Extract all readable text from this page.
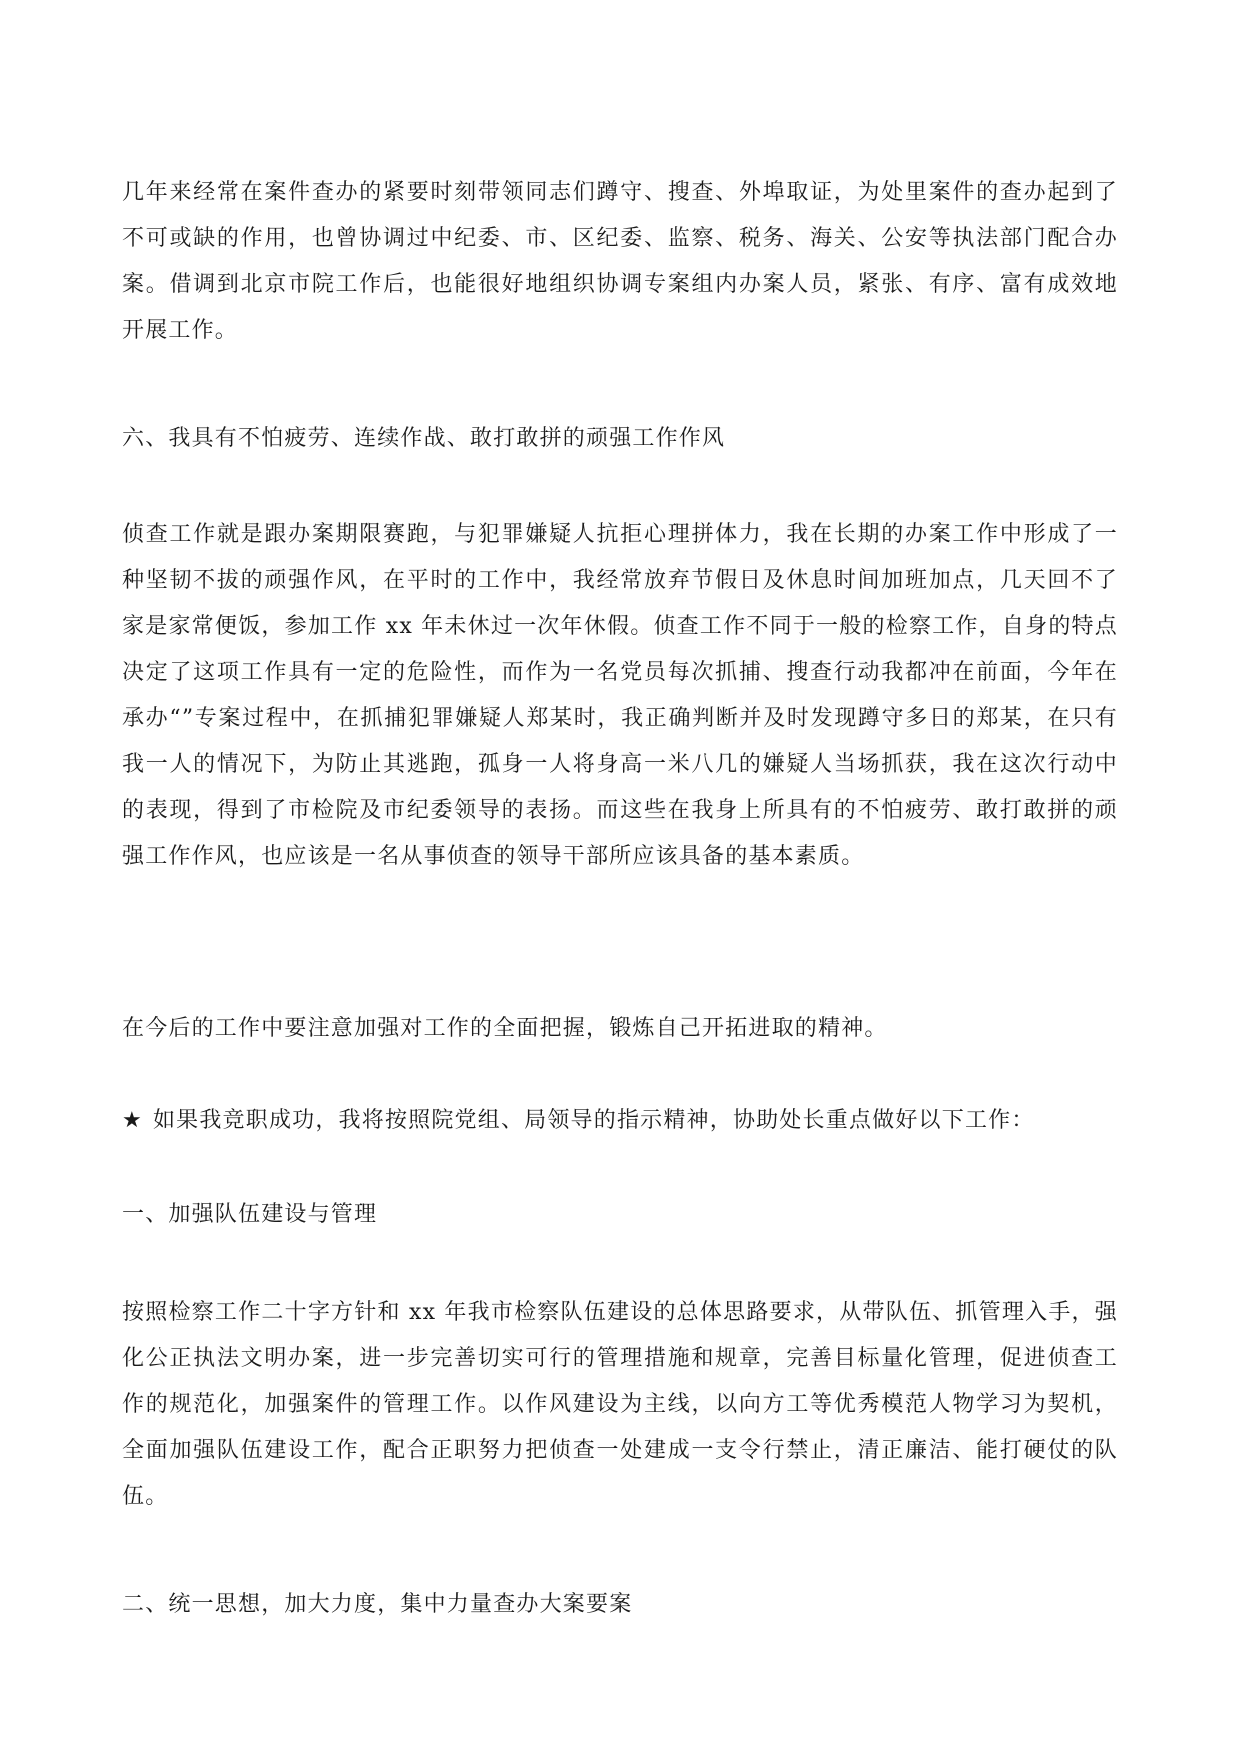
几年来经常在案件查办的紧要时刻带领同志们蹲守、搜查、外埠取证，为处里案件的查办起到了不可或缺的作用，也曾协调过中纪委、市、区纪委、监察、税务、海关、公安等执法部门配合办案。借调到北京市院工作后，也能很好地组织协调专案组内办案人员，紧张、有序、富有成效地开展工作。

六、我具有不怕疲劳、连续作战、敢打敢拼的顽强工作作风

侦查工作就是跟办案期限赛跑，与犯罪嫌疑人抗拒心理拼体力，我在长期的办案工作中形成了一种坚韧不拔的顽强作风，在平时的工作中，我经常放弃节假日及休息时间加班加点，几天回不了家是家常便饭，参加工作 xx 年未休过一次年休假。侦查工作不同于一般的检察工作，自身的特点决定了这项工作具有一定的危险性，而作为一名党员每次抓捕、搜查行动我都冲在前面，今年在承办“”专案过程中，在抓捕犯罪嫌疑人郑某时，我正确判断并及时发现蹲守多日的郑某，在只有我一人的情况下，为防止其逃跑，孤身一人将身高一米八几的嫌疑人当场抓获，我在这次行动中的表现，得到了市检院及市纪委领导的表扬。而这些在我身上所具有的不怕疲劳、敢打敢拼的顽强工作作风，也应该是一名从事侦查的领导干部所应该具备的基本素质。

在今后的工作中要注意加强对工作的全面把握，锻炼自己开拓进取的精神。

★ 如果我竞职成功，我将按照院党组、局领导的指示精神，协助处长重点做好以下工作：

一、加强队伍建设与管理

按照检察工作二十字方针和 xx 年我市检察队伍建设的总体思路要求，从带队伍、抓管理入手，强化公正执法文明办案，进一步完善切实可行的管理措施和规章，完善目标量化管理，促进侦查工作的规范化，加强案件的管理工作。以作风建设为主线，以向方工等优秀模范人物学习为契机，全面加强队伍建设工作，配合正职努力把侦查一处建成一支令行禁止，清正廉洁、能打硬仗的队伍。

二、统一思想，加大力度，集中力量查办大案要案
